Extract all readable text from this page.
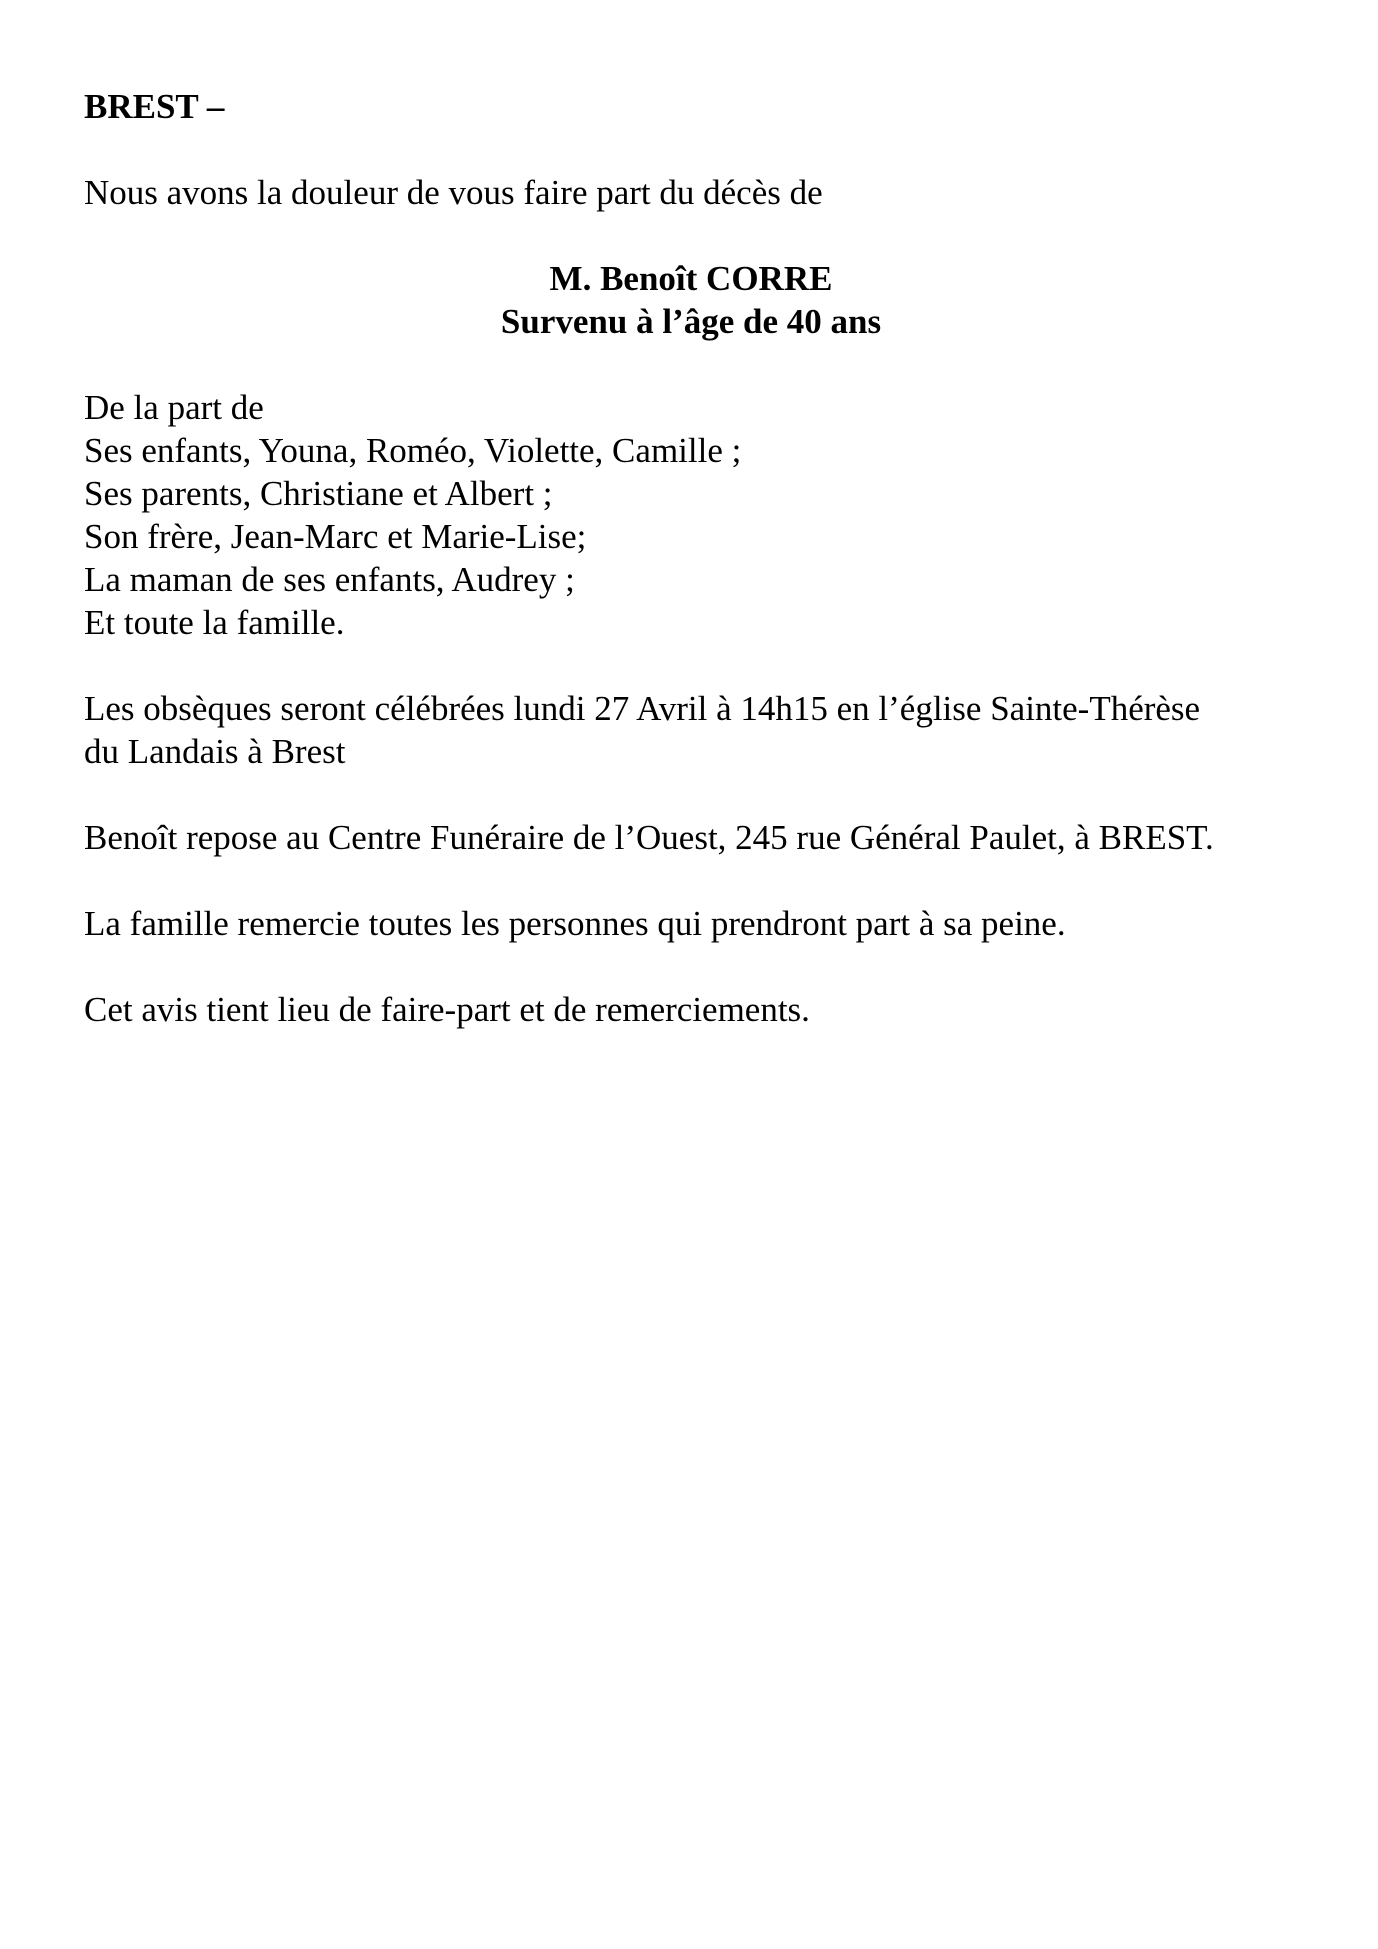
BREST –

Nous avons la douleur de vous faire part du décès de

M. Benoît CORRE
Survenu à l’âge de 40 ans
De la part de
Ses enfants, Youna, Roméo, Violette, Camille ;
Ses parents, Christiane et Albert ;
Son frère, Jean-Marc et Marie-Lise;
La maman de ses enfants, Audrey ;
Et toute la famille.
Les obsèques seront célébrées lundi 27 Avril à 14h15 en l’église Sainte-Thérèse
du Landais à Brest

Benoît repose au Centre Funéraire de l’Ouest, 245 rue Général Paulet, à BREST.

La famille remercie toutes les personnes qui prendront part à sa peine.

Cet avis tient lieu de faire-part et de remerciements.
